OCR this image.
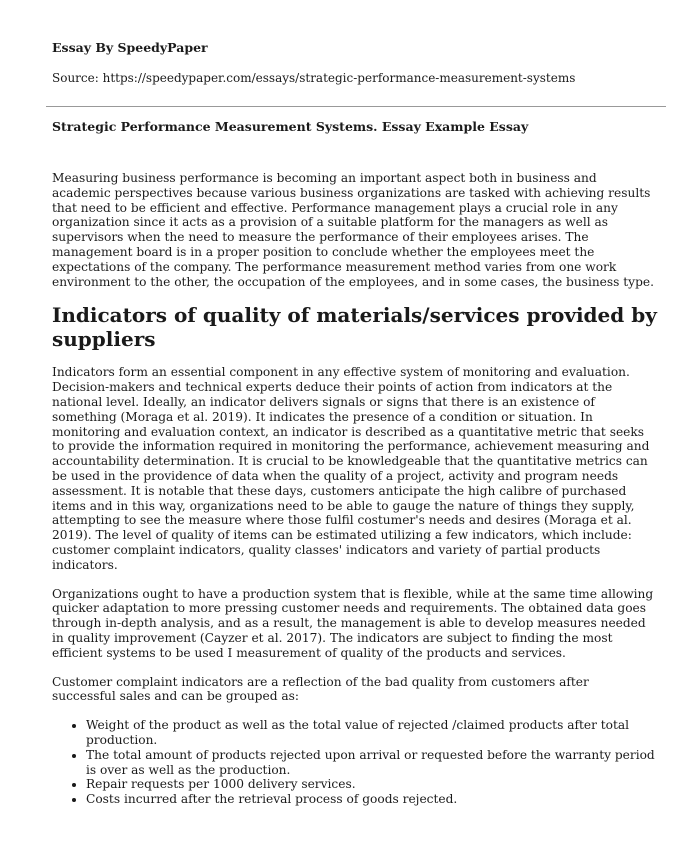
Essay By SpeedyPaper

Source: https://speedypaper.com/essays/strategic-performance-measurement-systems

Strategic Performance Measurement Systems. Essay Example Essay

Measuring business performance is becoming an important aspect both in business and academic perspectives because various business organizations are tasked with achieving results that need to be efficient and effective. Performance management plays a crucial role in any organization since it acts as a provision of a suitable platform for the managers as well as supervisors when the need to measure the performance of their employees arises. The management board is in a proper position to conclude whether the employees meet the expectations of the company. The performance measurement method varies from one work environment to the other, the occupation of the employees, and in some cases, the business type.

Indicators of quality of materials/services provided by suppliers

Indicators form an essential component in any effective system of monitoring and evaluation. Decision-makers and technical experts deduce their points of action from indicators at the national level. Ideally, an indicator delivers signals or signs that there is an existence of something (Moraga et al. 2019). It indicates the presence of a condition or situation. In monitoring and evaluation context, an indicator is described as a quantitative metric that seeks to provide the information required in monitoring the performance, achievement measuring and accountability determination. It is crucial to be knowledgeable that the quantitative metrics can be used in the providence of data when the quality of a project, activity and program needs assessment. It is notable that these days, customers anticipate the high calibre of purchased items and in this way, organizations need to be able to gauge the nature of things they supply, attempting to see the measure where those fulfil costumer's needs and desires (Moraga et al. 2019). The level of quality of items can be estimated utilizing a few indicators, which include: customer complaint indicators, quality classes' indicators and variety of partial products indicators.

Organizations ought to have a production system that is flexible, while at the same time allowing quicker adaptation to more pressing customer needs and requirements. The obtained data goes through in-depth analysis, and as a result, the management is able to develop measures needed in quality improvement (Cayzer et al. 2017). The indicators are subject to finding the most efficient systems to be used I measurement of quality of the products and services.

Customer complaint indicators are a reflection of the bad quality from customers after successful sales and can be grouped as:

• Weight of the product as well as the total value of rejected /claimed products after total production.
• The total amount of products rejected upon arrival or requested before the warranty period is over as well as the production.
• Repair requests per 1000 delivery services.
• Costs incurred after the retrieval process of goods rejected.
